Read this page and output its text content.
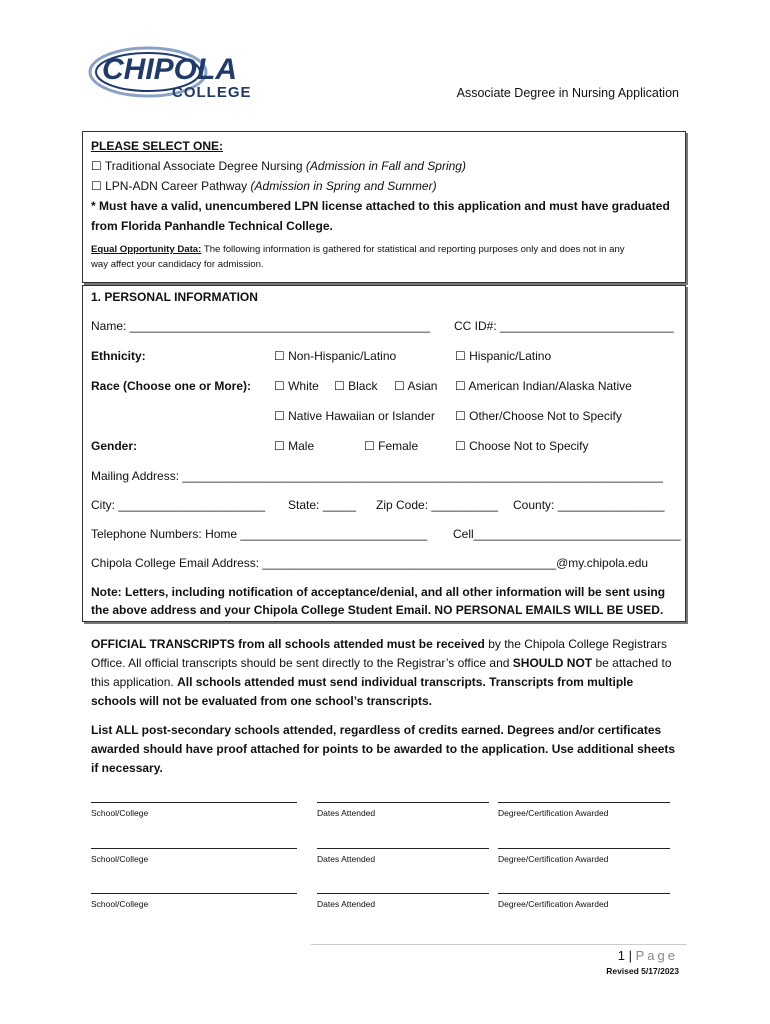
CHIPOLA
COLLEGE	Associate Degree in Nursing Application
PLEASE SELECT ONE:
☐ Traditional Associate Degree Nursing (Admission in Fall and Spring)
☐ LPN-ADN Career Pathway (Admission in Spring and Summer)
* Must have a valid, unencumbered LPN license attached to this application and must have graduated
from Florida Panhandle Technical College.
Equal Opportunity Data: The following information is gathered for statistical and reporting purposes only and does not in any
way affect your candidacy for admission.
1. PERSONAL INFORMATION
Name: _____________________________________________ CC ID#: __________________________
Ethnicity:	☐ Non-Hispanic/Latino	☐ Hispanic/Latino
Race (Choose one or More): ☐ White ☐ Black ☐ Asian ☐ American Indian/Alaska Native
☐ Native Hawaiian or Islander ☐ Other/Choose Not to Specify
Gender:	☐ Male	☐ Female	☐ Choose Not to Specify
Mailing Address: ________________________________________________________________________
City: ______________________ State: _____ Zip Code: __________ County: ________________
Telephone Numbers: Home ____________________________ Cell_______________________________
Chipola College Email Address: ____________________________________________@my.chipola.edu
Note: Letters, including notification of acceptance/denial, and all other information will be sent using
the above address and your Chipola College Student Email. NO PERSONAL EMAILS WILL BE USED.
OFFICIAL TRANSCRIPTS from all schools attended must be received by the Chipola College Registrars Office. All official transcripts should be sent directly to the Registrar’s office and SHOULD NOT be attached to this application. All schools attended must send individual transcripts. Transcripts from multiple schools will not be evaluated from one school’s transcripts.
List ALL post-secondary schools attended, regardless of credits earned. Degrees and/or certificates awarded should have proof attached for points to be awarded to the application. Use additional sheets if necessary.
School/College	Dates Attended	Degree/Certification Awarded
School/College	Dates Attended	Degree/Certification Awarded
School/College	Dates Attended	Degree/Certification Awarded
1 | Page
Revised 5/17/2023
